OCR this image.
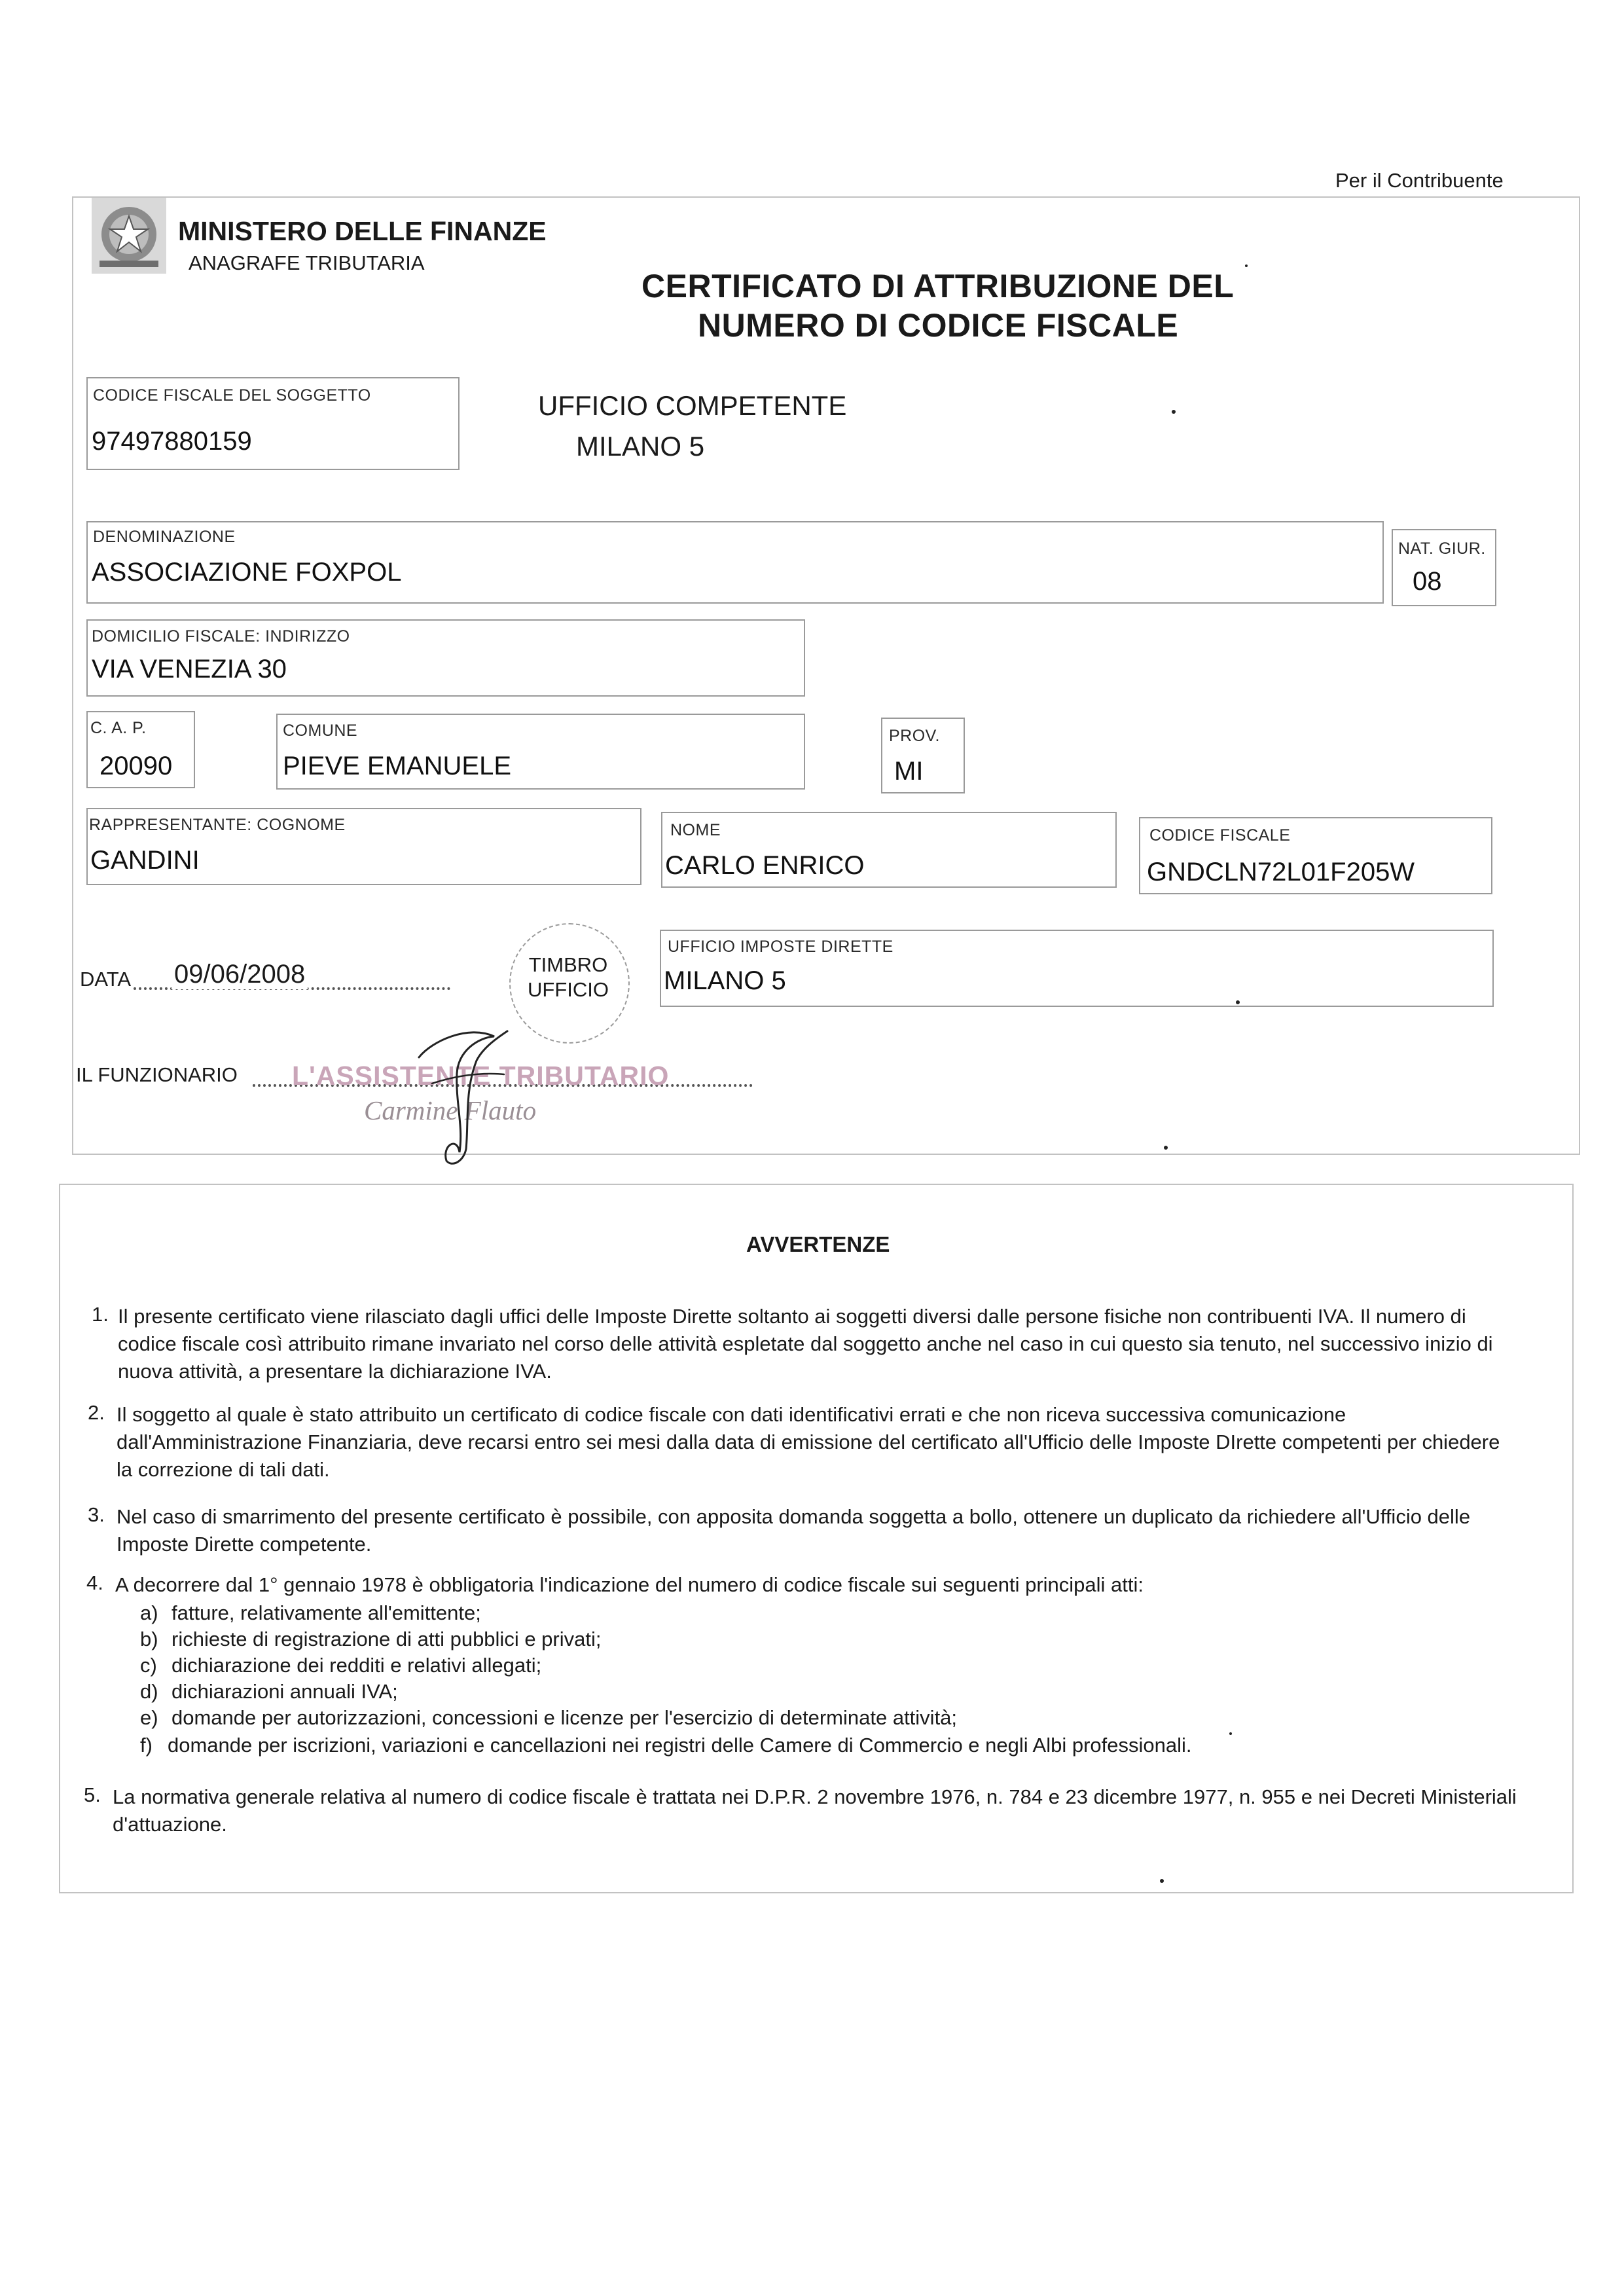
Per il Contribuente
MINISTERO DELLE FINANZE
ANAGRAFE TRIBUTARIA
CERTIFICATO DI ATTRIBUZIONE DEL
NUMERO DI CODICE FISCALE
CODICE FISCALE DEL SOGGETTO
97497880159
UFFICIO COMPETENTE
MILANO 5
DENOMINAZIONE
ASSOCIAZIONE FOXPOL
NAT. GIUR.
08
DOMICILIO FISCALE: INDIRIZZO
VIA VENEZIA 30
C. A. P.
20090
COMUNE
PIEVE EMANUELE
PROV.
MI
RAPPRESENTANTE: COGNOME
GANDINI
NOME
CARLO ENRICO
CODICE FISCALE
GNDCLN72L01F205W
DATA 09/06/2008	TIMBRO
UFFICIO
UFFICIO IMPOSTE DIRETTE
MILANO 5
IL FUNZIONARIO L'ASSISTENTE TRIBUTARIO
Carmine Flauto
AVVERTENZE
1. Il presente certificato viene rilasciato dagli uffici delle Imposte Dirette soltanto ai soggetti diversi dalle persone fisiche non contribuenti IVA. Il numero di codice fiscale così attribuito rimane invariato nel corso delle attività espletate dal soggetto anche nel caso in cui questo sia tenuto, nel successivo inizio di nuova attività, a presentare la dichiarazione IVA.
2. Il soggetto al quale è stato attribuito un certificato di codice fiscale con dati identificativi errati e che non riceva successiva comunicazione dall'Amministrazione Finanziaria, deve recarsi entro sei mesi dalla data di emissione del certificato all'Ufficio delle Imposte DIrette competenti per chiedere la correzione di tali dati.
3. Nel caso di smarrimento del presente certificato è possibile, con apposita domanda soggetta a bollo, ottenere un duplicato da richiedere all'Ufficio delle Imposte Dirette competente.
4. A decorrere dal 1° gennaio 1978 è obbligatoria l'indicazione del numero di codice fiscale sui seguenti principali atti:
a) fatture, relativamente all'emittente;
b) richieste di registrazione di atti pubblici e privati;
c) dichiarazione dei redditi e relativi allegati;
d) dichiarazioni annuali IVA;
e) domande per autorizzazioni, concessioni e licenze per l'esercizio di determinate attività;
f) domande per iscrizioni, variazioni e cancellazioni nei registri delle Camere di Commercio e negli Albi professionali.
5. La normativa generale relativa al numero di codice fiscale è trattata nei D.P.R. 2 novembre 1976, n. 784 e 23 dicembre 1977, n. 955 e nei Decreti Ministeriali d'attuazione.
